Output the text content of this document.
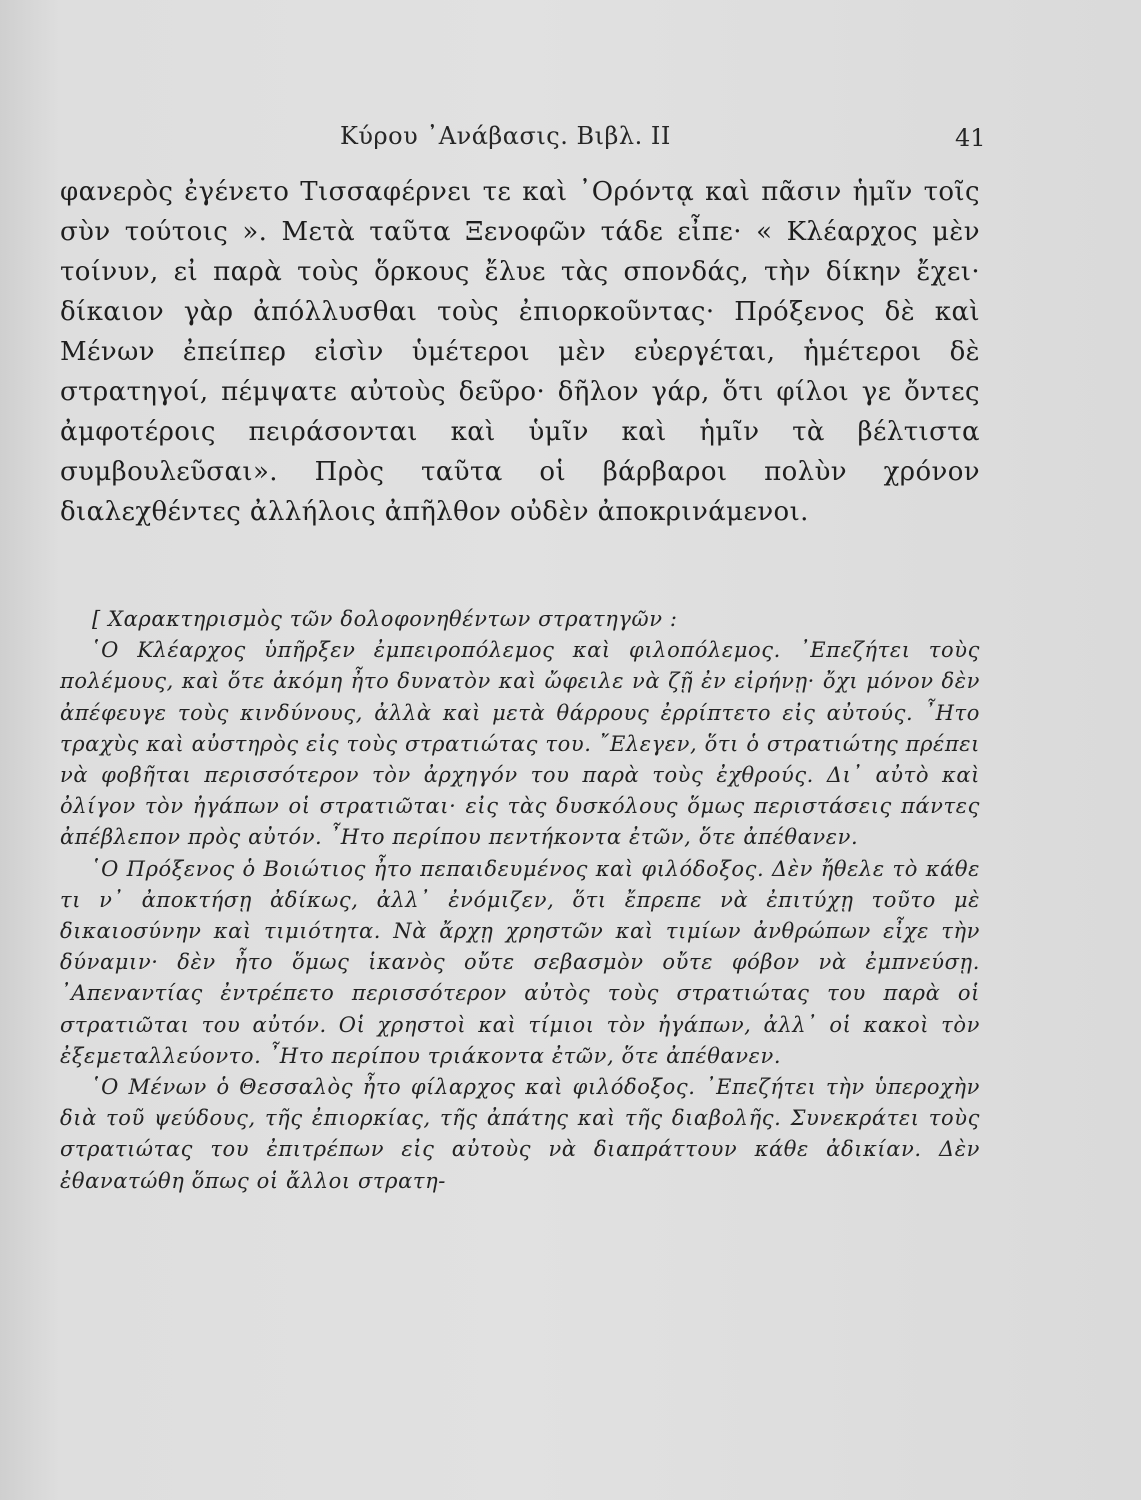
Κύρου ᾿Ανάβασις. Βιβλ. II	41
φανερὸς ἐγένετο Τισσαφέρνει τε καὶ ᾿Ορόντᾳ καὶ πᾶσιν ἡμῖν τοῖς σὺν τούτοις ». Μετὰ ταῦτα Ξενοφῶν τάδε εἶπε· « Κλέαρχος μὲν τοίνυν, εἰ παρὰ τοὺς ὅρκους ἔλυε τὰς σπονδάς, τὴν δίκην ἔχει· δίκαιον γὰρ ἀπόλλυσθαι τοὺς ἐπιορκοῦντας· Πρόξενος δὲ καὶ Μένων ἐπείπερ εἰσὶν ὑμέτεροι μὲν εὐεργέται, ἡμέτεροι δὲ στρατηγοί, πέμψατε αὐτοὺς δεῦρο· δῆλον γάρ, ὅτι φίλοι γε ὄντες ἀμφοτέροις πειράσονται καὶ ὑμῖν καὶ ἡμῖν τὰ βέλτιστα συμβουλεῦσαι». Πρὸς ταῦτα οἱ βάρβαροι πολὺν χρόνον διαλεχθέντες ἀλλήλοις ἀπῆλθον οὐδὲν ἀποκρινάμενοι.
[ Χαρακτηρισμὸς τῶν δολοφονηθέντων στρατηγῶν :

῾Ο Κλέαρχος ὑπῆρξεν ἐμπειροπόλεμος καὶ φιλοπόλεμος. ᾿Επεζήτει τοὺς πολέμους, καὶ ὅτε ἀκόμη ἦτο δυνατὸν καὶ ὤφειλε νὰ ζῇ ἐν εἰρήνῃ· ὄχι μόνον δὲν ἀπέφευγε τοὺς κινδύνους, ἀλλὰ καὶ μετὰ θάρρους ἐρρίπτετο εἰς αὐτούς. ῏Ητο τραχὺς καὶ αὐστηρὸς εἰς τοὺς στρατιώτας του. ῎Ελεγεν, ὅτι ὁ στρατιώτης πρέπει νὰ φοβῆται περισσότερον τὸν ἀρχηγόν του παρὰ τοὺς ἐχθρούς. Δι᾿ αὐτὸ καὶ ὀλίγον τὸν ἠγάπων οἱ στρατιῶται· εἰς τὰς δυσκόλους ὅμως περιστάσεις πάντες ἀπέβλεπον πρὸς αὐτόν. ῏Ητο περίπου πεντήκοντα ἐτῶν, ὅτε ἀπέθανεν.

῾Ο Πρόξενος ὁ Βοιώτιος ἦτο πεπαιδευμένος καὶ φιλόδοξος. Δὲν ἤθελε τὸ κάθε τι ν᾿ ἀποκτήσῃ ἀδίκως, ἀλλ᾿ ἐνόμιζεν, ὅτι ἔπρεπε νὰ ἐπιτύχῃ τοῦτο μὲ δικαιοσύνην καὶ τιμιότητα. Νὰ ἄρχῃ χρηστῶν καὶ τιμίων ἀνθρώπων εἶχε τὴν δύναμιν· δὲν ἦτο ὅμως ἱκανὸς οὔτε σεβασμὸν οὔτε φόβον νὰ ἐμπνεύσῃ. ᾿Απεναντίας ἐντρέπετο περισσότερον αὐτὸς τοὺς στρατιώτας του παρὰ οἱ στρατιῶται του αὐτόν. Οἱ χρηστοὶ καὶ τίμιοι τὸν ἠγάπων, ἀλλ᾿ οἱ κακοὶ τὸν ἐξεμεταλλεύοντο. ῏Ητο περίπου τριάκοντα ἐτῶν, ὅτε ἀπέθανεν.

῾Ο Μένων ὁ Θεσσαλὸς ἦτο φίλαρχος καὶ φιλόδοξος. ᾿Επεζήτει τὴν ὑπεροχὴν διὰ τοῦ ψεύδους, τῆς ἐπιορκίας, τῆς ἀπάτης καὶ τῆς διαβολῆς. Συνεκράτει τοὺς στρατιώτας του ἐπιτρέπων εἰς αὐτοὺς νὰ διαπράττουν κάθε ἀδικίαν. Δὲν ἐθανατώθη ὅπως οἱ ἄλλοι στρατη-
